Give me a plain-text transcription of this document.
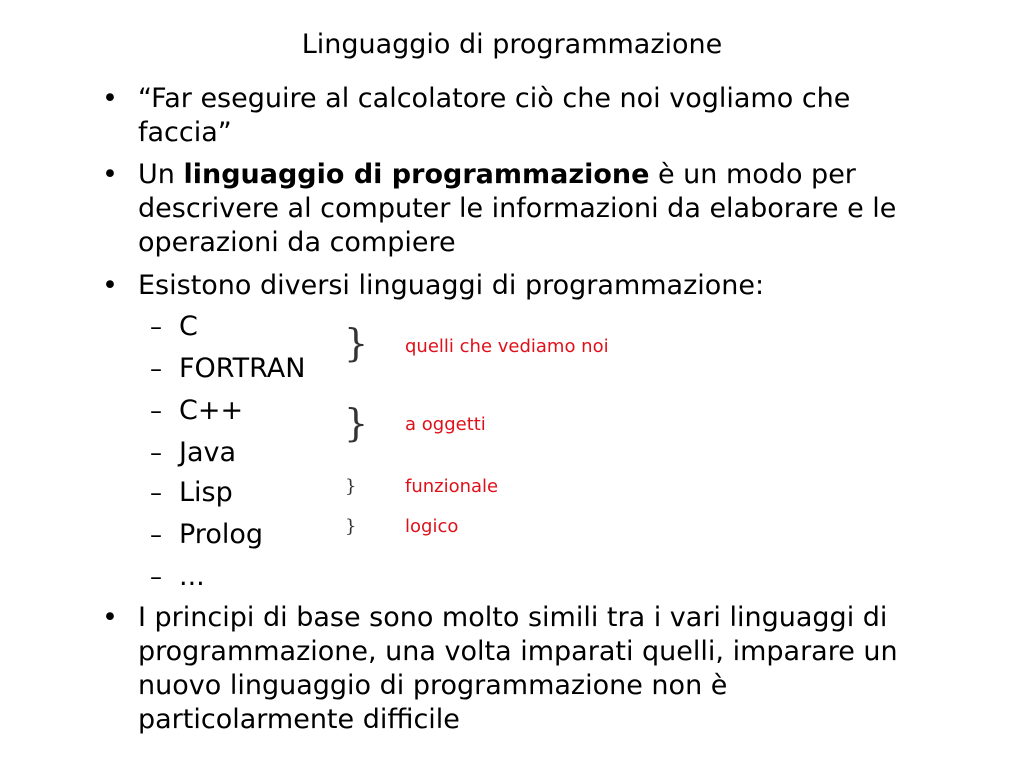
Linguaggio di programmazione
• “Far eseguire al calcolatore ciò che noi vogliamo che faccia”
• Un linguaggio di programmazione è un modo per descrivere al computer le informazioni da elaborare e le operazioni da compiere
• Esistono diversi linguaggi di programmazione:
– C
– FORTRAN
– C++
– Java
– Lisp
– Prolog
– ...
}
}
}
}
quelli che vediamo noi
a oggetti
funzionale
logico
• I principi di base sono molto simili tra i vari linguaggi di programmazione, una volta imparati quelli, imparare un nuovo linguaggio di programmazione non è particolarmente difficile
